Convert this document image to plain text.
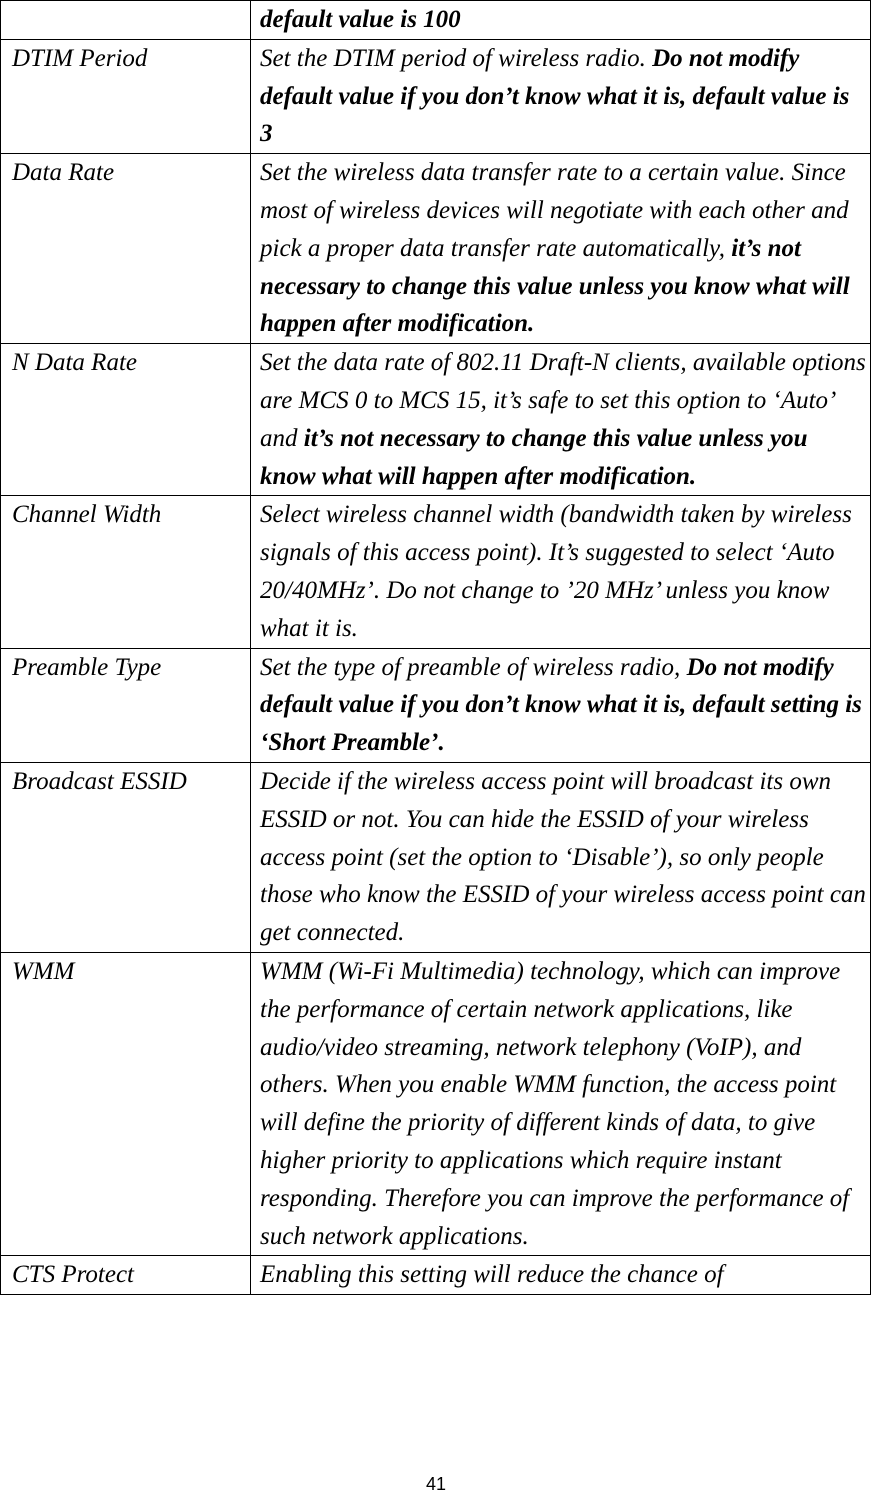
	default value is 100
DTIM Period	Set the DTIM period of wireless radio. Do not modify default value if you don’t know what it is, default value is 3
Data Rate	Set the wireless data transfer rate to a certain value. Since most of wireless devices will negotiate with each other and pick a proper data transfer rate automatically, it’s not necessary to change this value unless you know what will happen after modification.
N Data Rate	Set the data rate of 802.11 Draft-N clients, available options are MCS 0 to MCS 15, it’s safe to set this option to ‘Auto’ and it’s not necessary to change this value unless you know what will happen after modification.
Channel Width	Select wireless channel width (bandwidth taken by wireless signals of this access point). It’s suggested to select ‘Auto 20/40MHz’. Do not change to ’20 MHz’ unless you know what it is.
Preamble Type	Set the type of preamble of wireless radio, Do not modify default value if you don’t know what it is, default setting is ‘Short Preamble’.
Broadcast ESSID	Decide if the wireless access point will broadcast its own ESSID or not. You can hide the ESSID of your wireless access point (set the option to ‘Disable’), so only people those who know the ESSID of your wireless access point can get connected.
WMM	WMM (Wi-Fi Multimedia) technology, which can improve the performance of certain network applications, like audio/video streaming, network telephony (VoIP), and others. When you enable WMM function, the access point will define the priority of different kinds of data, to give higher priority to applications which require instant responding. Therefore you can improve the performance of such network applications.
CTS Protect	Enabling this setting will reduce the chance of
41
